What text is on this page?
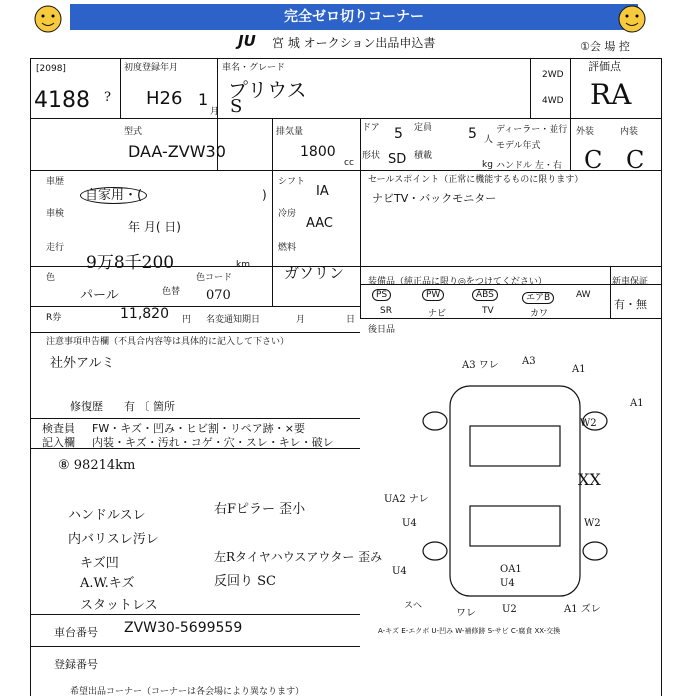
完全ゼロ切りコーナー
JU 宮 城 オークション出品申込書	①会 場 控
[2098]
4188 ?
初度登録年月
H26 1
月
車名・グレード
プリウス
S
2WD
4WD
評価点
RA
型式
DAA-ZVW30
排気量
1800
cc
ドア 5
形状 SD
定員	5 人
積載
kg
ディーラー・並行
モデル年式
ハンドル 左・右
外装	内装
C C
車歴
自家用・(	)
シフト
IA
車検
年 月( 日)
冷房
AAC
走行
9万8千200	km
燃料
ガソリン
色
パール	色替
色コード
070
R券	11,820 円 名変通知期日	月	日
注意事項申告欄（不具合内容等は具体的に記入して下さい）
社外アルミ
修復歴 有 〔 箇所
検査員 FW・キズ・凹み・ヒビ割・リペア跡・×要
記入欄 内装・キズ・汚れ・コゲ・穴・スレ・キレ・破レ
⑧ 98214km
ハンドルスレ
内バリスレ汚レ
キズ凹
A.W.キズ
スタットレス
右Fピラー 歪小
左Rタイヤハウスアウター 歪み
反回り SC
セールスポイント（正常に機能するものに限ります）
ナビTV・バックモニター
装備品（純正品に限り◎をつけてください）	新車保証
PS	PW	ABS	エアB	AW
SR	ナビ	TV	カワ
有・無
後日品
A3 ワレ A3
A1
A1
W2
XX
W2
U4
UA2 ナレ
U4	OA1
U4
スヘ
ワレ	U2	A1 ズレ
車台番号 ZVW30-5699559
登録番号
A-キズ E-エクボ U-凹み W-補修跡 S-サビ C-腐食 XX-交換
希望出品コーナー（コーナーは各会場により異なります）
